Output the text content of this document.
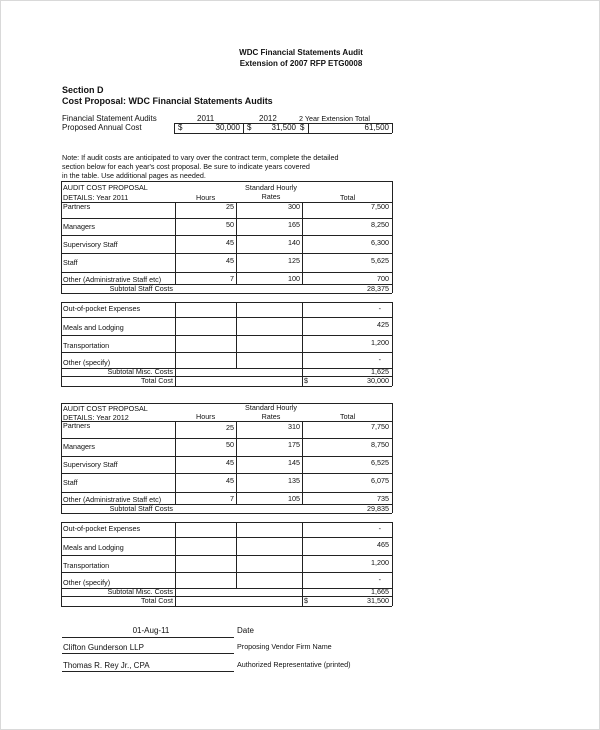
WDC Financial Statements Audit
Extension of 2007 RFP ETG0008
Section D
Cost Proposal: WDC Financial Statements Audits
Financial Statement Audits
Proposed Annual Cost
2011	2012	2 Year Extension Total
$	30,000 $	31,500 $	61,500
Note: If audit costs are anticipated to vary over the contract term, complete the detailed
section below for each year's cost proposal. Be sure to indicate years covered
in the table. Use additional pages as needed.
AUDIT COST PROPOSAL
DETAILS: Year 2011	Hours
Standard Hourly
Rates	Total
Partners	25	300	7,500
Managers	50	165	8,250
Supervisory Staff	45	140	6,300
Staff	45	125	5,625
Other (Administrative Staff etc)	7	100	700
Subtotal Staff Costs	28,375
Out-of-pocket Expenses	-
Meals and Lodging	425
Transportation	1,200
Other (specify)	-
Subtotal Misc. Costs	1,625
Total Cost	$	30,000
AUDIT COST PROPOSAL
DETAILS: Year 2012	Hours
Standard Hourly
Rates	Total
Partners	25	310	7,750
Managers	50	175	8,750
Supervisory Staff	45	145	6,525
Staff	45	135	6,075
Other (Administrative Staff etc)	7	105	735
Subtotal Staff Costs	29,835
Out-of-pocket Expenses	-
Meals and Lodging	465
Transportation	1,200
Other (specify)	-
Subtotal Misc. Costs	1,665
Total Cost	$	31,500
01-Aug-11	Date
Clifton Gunderson LLP	Proposing Vendor Firm Name
Thomas R. Rey Jr., CPA	Authorized Representative (printed)
